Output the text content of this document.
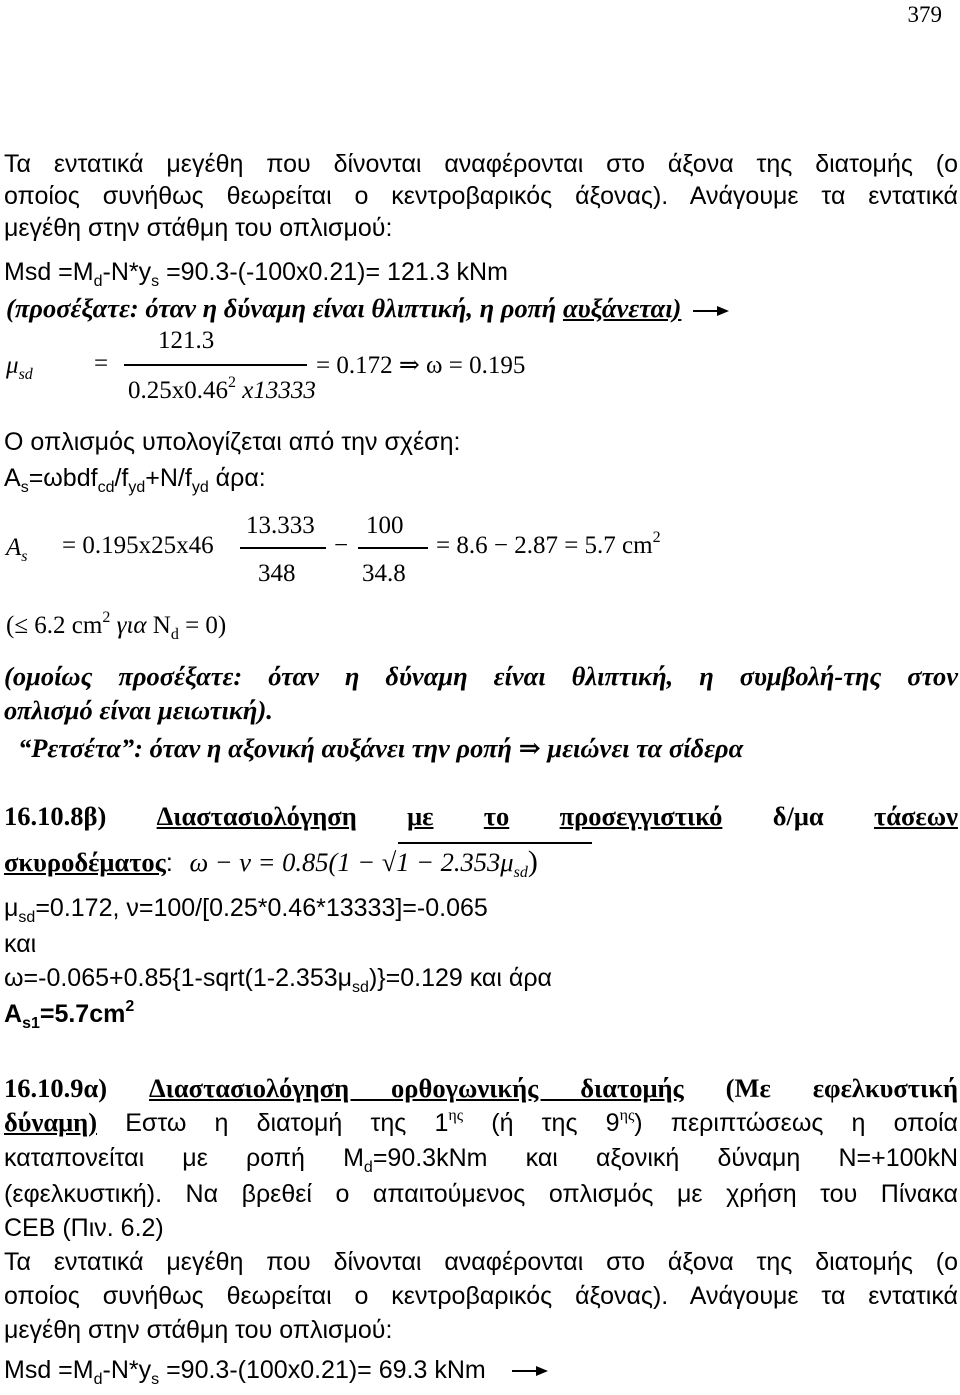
379
Τα εντατικά μεγέθη που δίνονται αναφέρονται στο άξονα της διατομής (ο
οποίος συνήθως θεωρείται ο κεντροβαρικός άξονας). Ανάγουμε τα εντατικά
μεγέθη στην στάθμη του οπλισμού:
Msd $=M_d-N*y_s =90.3-(-100x0.21)= 121.3$ kNm
(προσέξατε: όταν η δύναμη είναι θλιπτική, η ροπή αυξάνεται)
$\mu_{sd}$ =
121.3
0.25x0.46$^2$ x13333
= 0.172 ⇒ ω = 0.195
Ο οπλισμός υπολογίζεται από την σχέση:
$A_s=\omega bdf_{cd}/f_{yd}+N/f_{yd}$ άρα:
$A_s = 0.195x25x46$
13.333
348
−
100
34.8
= 8.6 − 2.87 = 5.7 $cm^2$
(≤ 6.2 $cm^2$ για $N_d = 0$)
(ομοίως προσέξατε: όταν η δύναμη είναι θλιπτική, η συμβολή-της στον
οπλισμό είναι μειωτική).
“Ρετσέτα”: όταν η αξονική αυξάνει την ροπή ⇒ μειώνει τα σίδερα
16.10.8β) Διαστασιολόγηση με το προσεγγιστικό δ/μα τάσεων
σκυροδέματος: $\omega - \nu = 0.85(1 - √1 - 2.353\mu_{sd})$
$\mu_{sd}=0.172$, ν=100/[0.25*0.46*13333]=-0.065
και
$\omega=-0.065+0.85\{1-sqrt(1-2.353\mu_{sd})\}=0.129$ και άρα
$A_{s1}=5.7cm^2$
16.10.9α) Διαστασιολόγηση ορθογωνικής διατομής (Με εφελκυστική
δύναμη) Εστω η διατομή της $1^{\eta\varsigma}$ (ή της $9^{\eta\varsigma}$) περιπτώσεως η οποία
καταπονείται με ροπή $M_d=90.3kNm$ και αξονική δύναμη N=+100kN
(εφελκυστική). Να βρεθεί ο απαιτούμενος οπλισμός με χρήση του Πίνακα
CEB (Πιν. 6.2)
Τα εντατικά μεγέθη που δίνονται αναφέρονται στο άξονα της διατομής (ο
οποίος συνήθως θεωρείται ο κεντροβαρικός άξονας). Ανάγουμε τα εντατικά
μεγέθη στην στάθμη του οπλισμού:
Msd $=M_d-N*y_s =90.3-(100x0.21)= 69.3$ kNm
